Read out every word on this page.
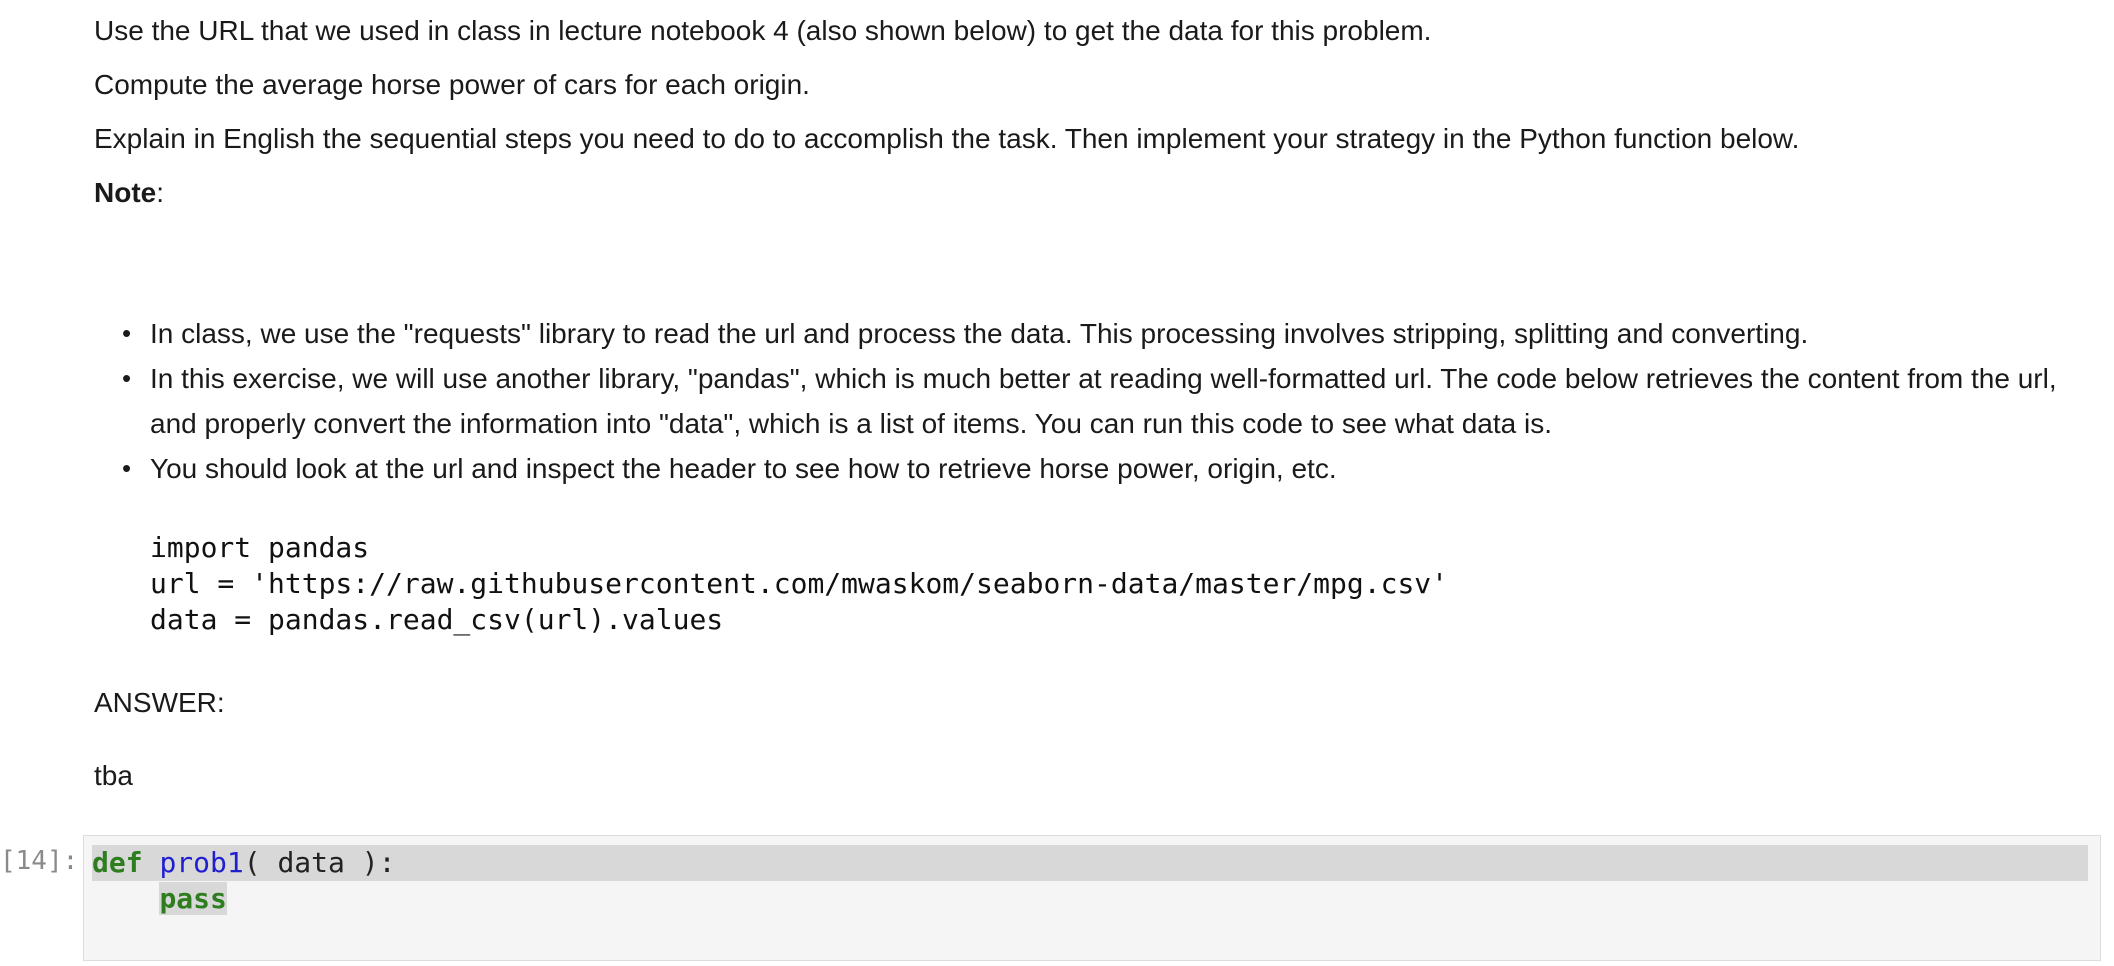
Use the URL that we used in class in lecture notebook 4 (also shown below) to get the data for this problem.

Compute the average horse power of cars for each origin.

Explain in English the sequential steps you need to do to accomplish the task. Then implement your strategy in the Python function below.

Note:

• In class, we use the "requests" library to read the url and process the data. This processing involves stripping, splitting and converting.
• In this exercise, we will use another library, "pandas", which is much better at reading well-formatted url. The code below retrieves the content from the url, and properly convert the information into "data", which is a list of items. You can run this code to see what data is.
• You should look at the url and inspect the header to see how to retrieve horse power, origin, etc.
import pandas
url = 'https://raw.githubusercontent.com/mwaskom/seaborn-data/master/mpg.csv'
data = pandas.read_csv(url).values

ANSWER:

tba

[14]: def prob1( data ):
pass
